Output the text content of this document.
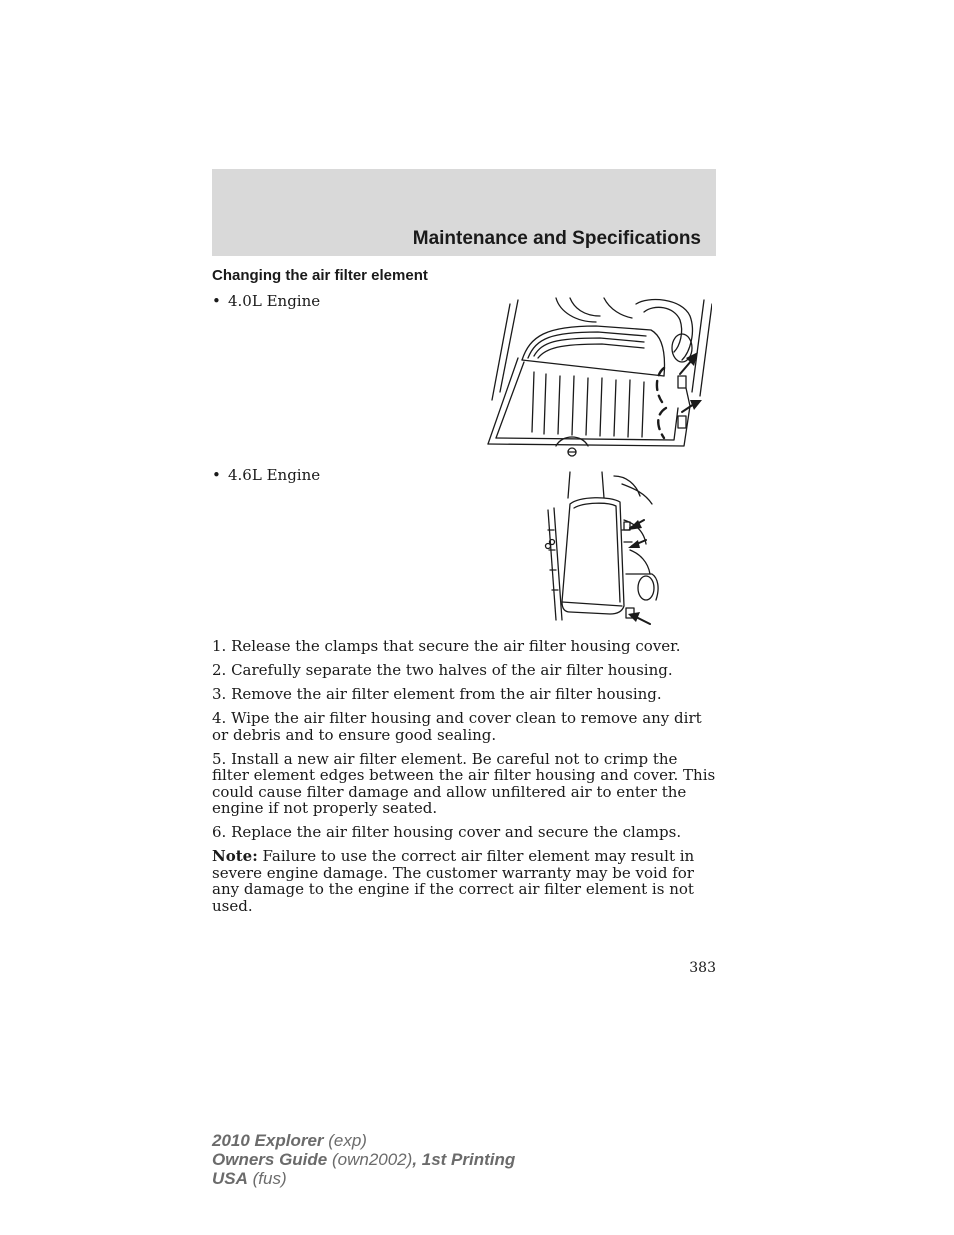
Maintenance and Specifications
Changing the air filter element
• 4.0L Engine
• 4.6L Engine

1. Release the clamps that secure the air filter housing cover.

2. Carefully separate the two halves of the air filter housing.

3. Remove the air filter element from the air filter housing.

4. Wipe the air filter housing and cover clean to remove any dirt or debris and to ensure good sealing.

5. Install a new air filter element. Be careful not to crimp the filter element edges between the air filter housing and cover. This could cause filter damage and allow unfiltered air to enter the engine if not properly seated.

6. Replace the air filter housing cover and secure the clamps.

Note: Failure to use the correct air filter element may result in severe engine damage. The customer warranty may be void for any damage to the engine if the correct air filter element is not used.

383
2010 Explorer (exp)
Owners Guide (own2002), 1st Printing
USA (fus)
